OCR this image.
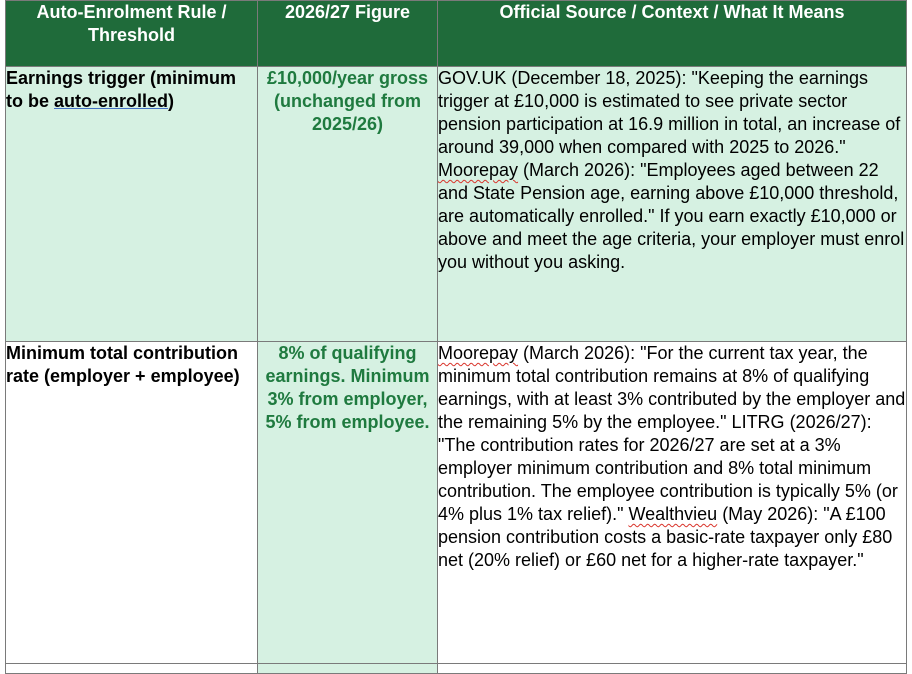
Auto-Enrolment Rule / Threshold	2026/27 Figure	Official Source / Context / What It Means
Earnings trigger (minimum to be auto-enrolled)	£10,000/year gross (unchanged from 2025/26)	GOV.UK (December 18, 2025): "Keeping the earnings trigger at £10,000 is estimated to see private sector pension participation at 16.9 million in total, an increase of around 39,000 when compared with 2025 to 2026." Moorepay (March 2026): "Employees aged between 22 and State Pension age, earning above £10,000 threshold, are automatically enrolled." If you earn exactly £10,000 or above and meet the age criteria, your employer must enrol you without you asking.
Minimum total contribution rate (employer + employee)	8% of qualifying earnings. Minimum 3% from employer, 5% from employee.	Moorepay (March 2026): "For the current tax year, the minimum total contribution remains at 8% of qualifying earnings, with at least 3% contributed by the employer and the remaining 5% by the employee." LITRG (2026/27): "The contribution rates for 2026/27 are set at a 3% employer minimum contribution and 8% total minimum contribution. The employee contribution is typically 5% (or 4% plus 1% tax relief)." Wealthvieu (May 2026): "A £100 pension contribution costs a basic-rate taxpayer only £80 net (20% relief) or £60 net for a higher-rate taxpayer."
